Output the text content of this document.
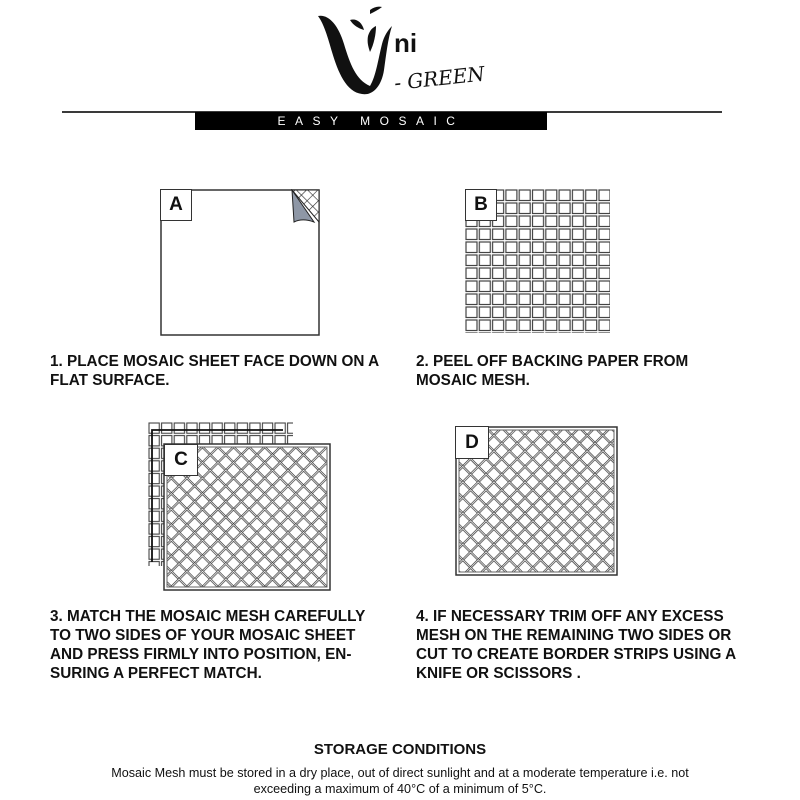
ni
- GREEN
EASY MOSAIC
A	B
1. PLACE MOSAIC SHEET FACE DOWN ON A
FLAT SURFACE.
2. PEEL OFF BACKING PAPER FROM
MOSAIC MESH.
C
D
3. MATCH THE MOSAIC MESH CAREFULLY
TO TWO SIDES OF YOUR MOSAIC SHEET
AND PRESS FIRMLY INTO POSITION, EN-
SURING A PERFECT MATCH.
4. IF NECESSARY TRIM OFF ANY EXCESS
MESH ON THE REMAINING TWO SIDES OR
CUT TO CREATE BORDER STRIPS USING A
KNIFE OR SCISSORS .
STORAGE CONDITIONS
Mosaic Mesh must be stored in a dry place, out of direct sunlight and at a moderate temperature i.e. not
exceeding a maximum of 40°C of a minimum of 5°C.
